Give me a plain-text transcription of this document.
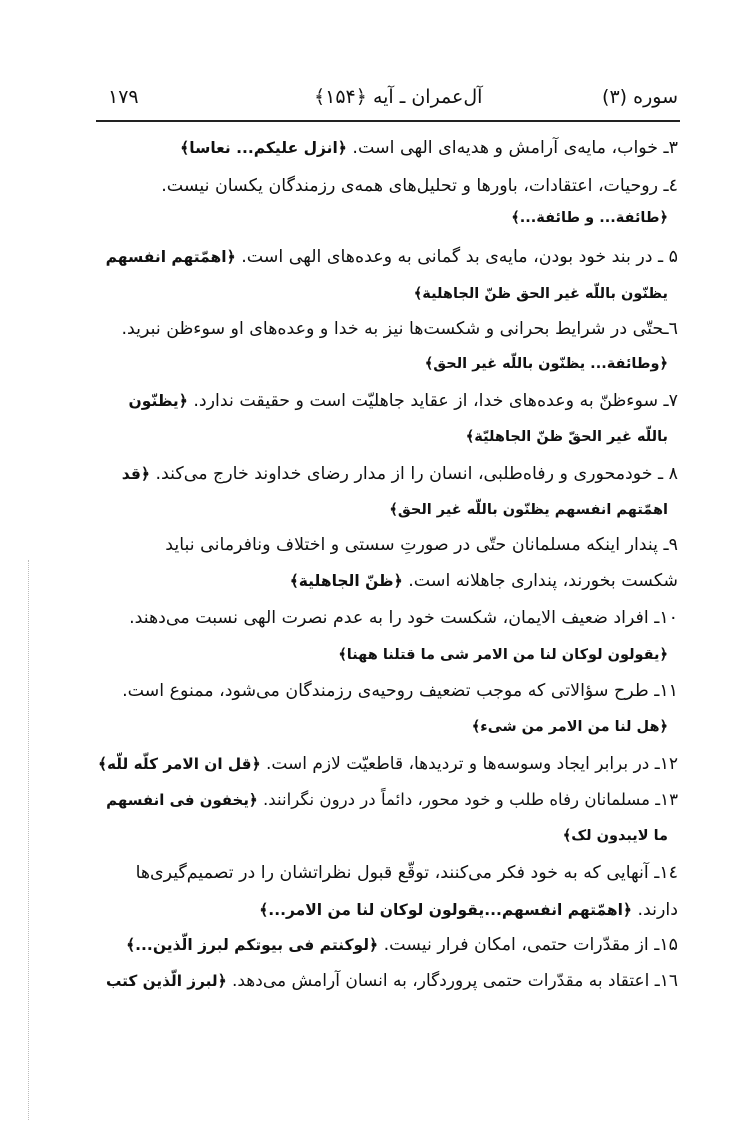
سوره (۳)
آل‌عمران ـ آیه ﴿۱۵۴﴾
۱۷۹
۳ـ خواب، مایه‌ی آرامش و هدیه‌ای الهی است. ﴿انزل علیکم... نعاسا﴾
٤ـ روحیات، اعتقادات، باورها و تحلیل‌های همه‌ی رزمندگان یکسان نیست.
﴿طائفة... و طائفة...﴾
۵ ـ در بند خود بودن، مایه‌ی بد گمانی به وعده‌های الهی است. ﴿اهمّتهم انفسهم
یظنّون باللّه غیر الحق ظنّ الجاهلیة﴾
٦ـحتّی در شرایط بحرانی و شکست‌ها نیز به خدا و وعده‌های او سوءظن نبرید.
﴿وطائفة... یظنّون باللّه غیر الحق﴾
۷ـ سوءظنّ به وعده‌های خدا، از عقاید جاهلیّت است و حقیقت ندارد. ﴿یظنّون
باللّه غیر الحقّ ظنّ الجاهلیّة﴾
۸ ـ خودمحوری و رفاه‌طلبی، انسان را از مدار رضای خداوند خارج می‌کند. ﴿قد
اهمّتهم انفسهم یظنّون باللّه غیر الحق﴾
۹ـ پندار اینکه مسلمانان حتّی در صورتِ سستی و اختلاف ونافرمانی نباید
شکست بخورند، پنداری جاهلانه است. ﴿ظنّ الجاهلیة﴾
۱۰ـ افراد ضعیف الایمان، شکست خود را به عدم نصرت الهی نسبت می‌دهند.
﴿یقولون لوکان لنا من الامر شی ما قتلنا ههنا﴾
۱۱ـ طرح سؤالاتی که موجب تضعیف روحیه‌ی رزمندگان می‌شود، ممنوع است.
﴿هل لنا من الامر من شیء﴾
۱۲ـ در برابر ایجاد وسوسه‌ها و تردیدها، قاطعیّت لازم است. ﴿قل ان الامر کلّه للّه﴾
۱۳ـ مسلمانان رفاه طلب و خود محور، دائماً در درون نگرانند. ﴿یخفون فی انفسهم
ما لایبدون لک﴾
١٤ـ آنهایی که به خود فکر می‌کنند، توقّع قبول نظراتشان را در تصمیم‌گیری‌ها
دارند. ﴿اهمّتهم انفسهم...یقولون لوکان لنا من الامر...﴾
۱۵ـ از مقدّرات حتمی، امکان فرار نیست. ﴿لوکنتم فی بیوتکم لبرز الّذین...﴾
۱٦ـ اعتقاد به مقدّرات حتمی پروردگار، به انسان آرامش می‌دهد. ﴿لبرز الّذین کتب
